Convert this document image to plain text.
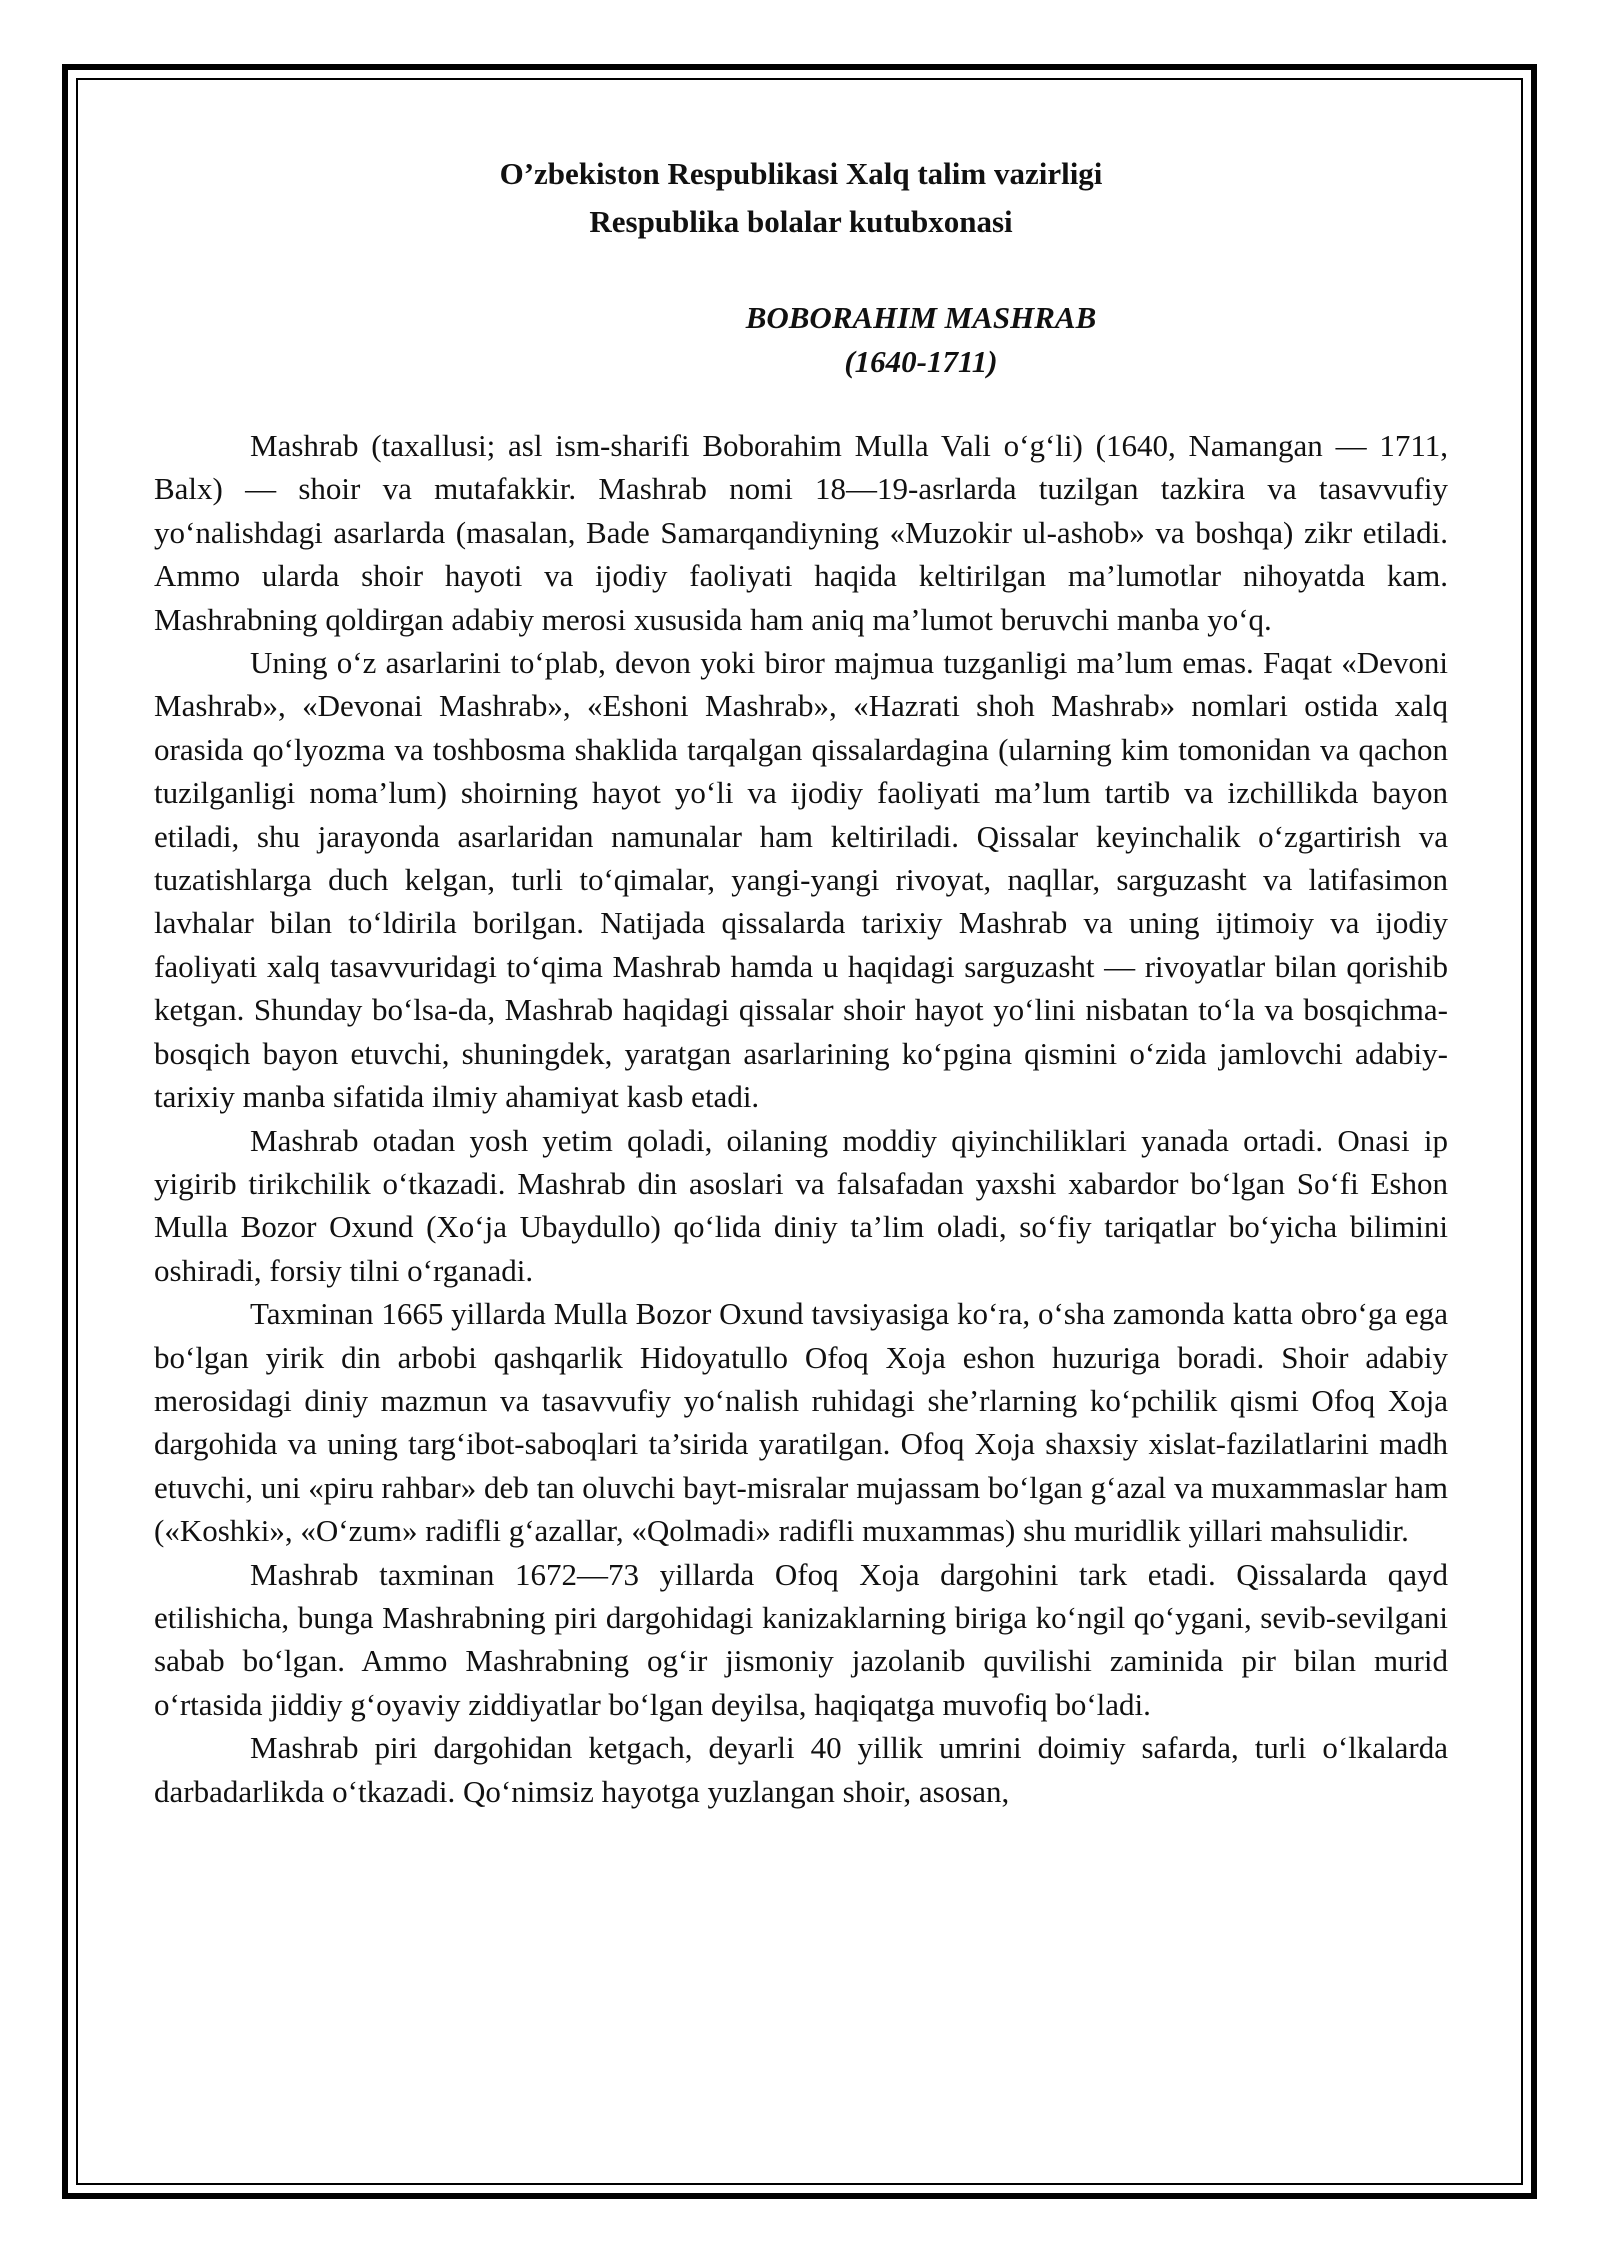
O’zbekiston Respublikasi Xalq talim vazirligi

Respublika bolalar kutubxonasi

BOBORAHIM MASHRAB

(1640-1711)

Mashrab (taxallusi; asl ism-sharifi Boborahim Mulla Vali o‘g‘li) (1640, Namangan — 1711, Balx) — shoir va mutafakkir. Mashrab nomi 18—19-asrlarda tuzilgan tazkira va tasavvufiy yo‘nalishdagi asarlarda (masalan, Bade Samarqandiyning «Muzokir ul-ashob» va boshqa) zikr etiladi. Ammo ularda shoir hayoti va ijodiy faoliyati haqida keltirilgan ma’lumotlar nihoyatda kam. Mashrabning qoldirgan adabiy merosi xususida ham aniq ma’lumot beruvchi manba yo‘q.

Uning o‘z asarlarini to‘plab, devon yoki biror majmua tuzganligi ma’lum emas. Faqat «Devoni Mashrab», «Devonai Mashrab», «Eshoni Mashrab», «Hazrati shoh Mashrab» nomlari ostida xalq orasida qo‘lyozma va toshbosma shaklida tarqalgan qissalardagina (ularning kim tomonidan va qachon tuzilganligi noma’lum) shoirning hayot yo‘li va ijodiy faoliyati ma’lum tartib va izchillikda bayon etiladi, shu jarayonda asarlaridan namunalar ham keltiriladi. Qissalar keyinchalik o‘zgartirish va tuzatishlarga duch kelgan, turli to‘qimalar, yangi-yangi rivoyat, naqllar, sarguzasht va latifasimon lavhalar bilan to‘ldirila borilgan. Natijada qissalarda tarixiy Mashrab va uning ijtimoiy va ijodiy faoliyati xalq tasavvuridagi to‘qima Mashrab hamda u haqidagi sarguzasht — rivoyatlar bilan qorishib ketgan. Shunday bo‘lsa-da, Mashrab haqidagi qissalar shoir hayot yo‘lini nisbatan to‘la va bosqichma-bosqich bayon etuvchi, shuningdek, yaratgan asarlarining ko‘pgina qismini o‘zida jamlovchi adabiy-tarixiy manba sifatida ilmiy ahamiyat kasb etadi.

Mashrab otadan yosh yetim qoladi, oilaning moddiy qiyinchiliklari yanada ortadi. Onasi ip yigirib tirikchilik o‘tkazadi. Mashrab din asoslari va falsafadan yaxshi xabardor bo‘lgan So‘fi Eshon Mulla Bozor Oxund (Xo‘ja Ubaydullo) qo‘lida diniy ta’lim oladi, so‘fiy tariqatlar bo‘yicha bilimini oshiradi, forsiy tilni o‘rganadi.

Taxminan 1665 yillarda Mulla Bozor Oxund tavsiyasiga ko‘ra, o‘sha zamonda katta obro‘ga ega bo‘lgan yirik din arbobi qashqarlik Hidoyatullo Ofoq Xoja eshon huzuriga boradi. Shoir adabiy merosidagi diniy mazmun va tasavvufiy yo‘nalish ruhidagi she’rlarning ko‘pchilik qismi Ofoq Xoja dargohida va uning targ‘ibot-saboqlari ta’sirida yaratilgan. Ofoq Xoja shaxsiy xislat-fazilatlarini madh etuvchi, uni «piru rahbar» deb tan oluvchi bayt-misralar mujassam bo‘lgan g‘azal va muxammaslar ham («Koshki», «O‘zum» radifli g‘azallar, «Qolmadi» radifli muxammas) shu muridlik yillari mahsulidir.

Mashrab taxminan 1672—73 yillarda Ofoq Xoja dargohini tark etadi. Qissalarda qayd etilishicha, bunga Mashrabning piri dargohidagi kanizaklarning biriga ko‘ngil qo‘ygani, sevib-sevilgani sabab bo‘lgan. Ammo Mashrabning og‘ir jismoniy jazolanib quvilishi zaminida pir bilan murid o‘rtasida jiddiy g‘oyaviy ziddiyatlar bo‘lgan deyilsa, haqiqatga muvofiq bo‘ladi.

Mashrab piri dargohidan ketgach, deyarli 40 yillik umrini doimiy safarda, turli o‘lkalarda darbadarlikda o‘tkazadi. Qo‘nimsiz hayotga yuzlangan shoir, asosan,
